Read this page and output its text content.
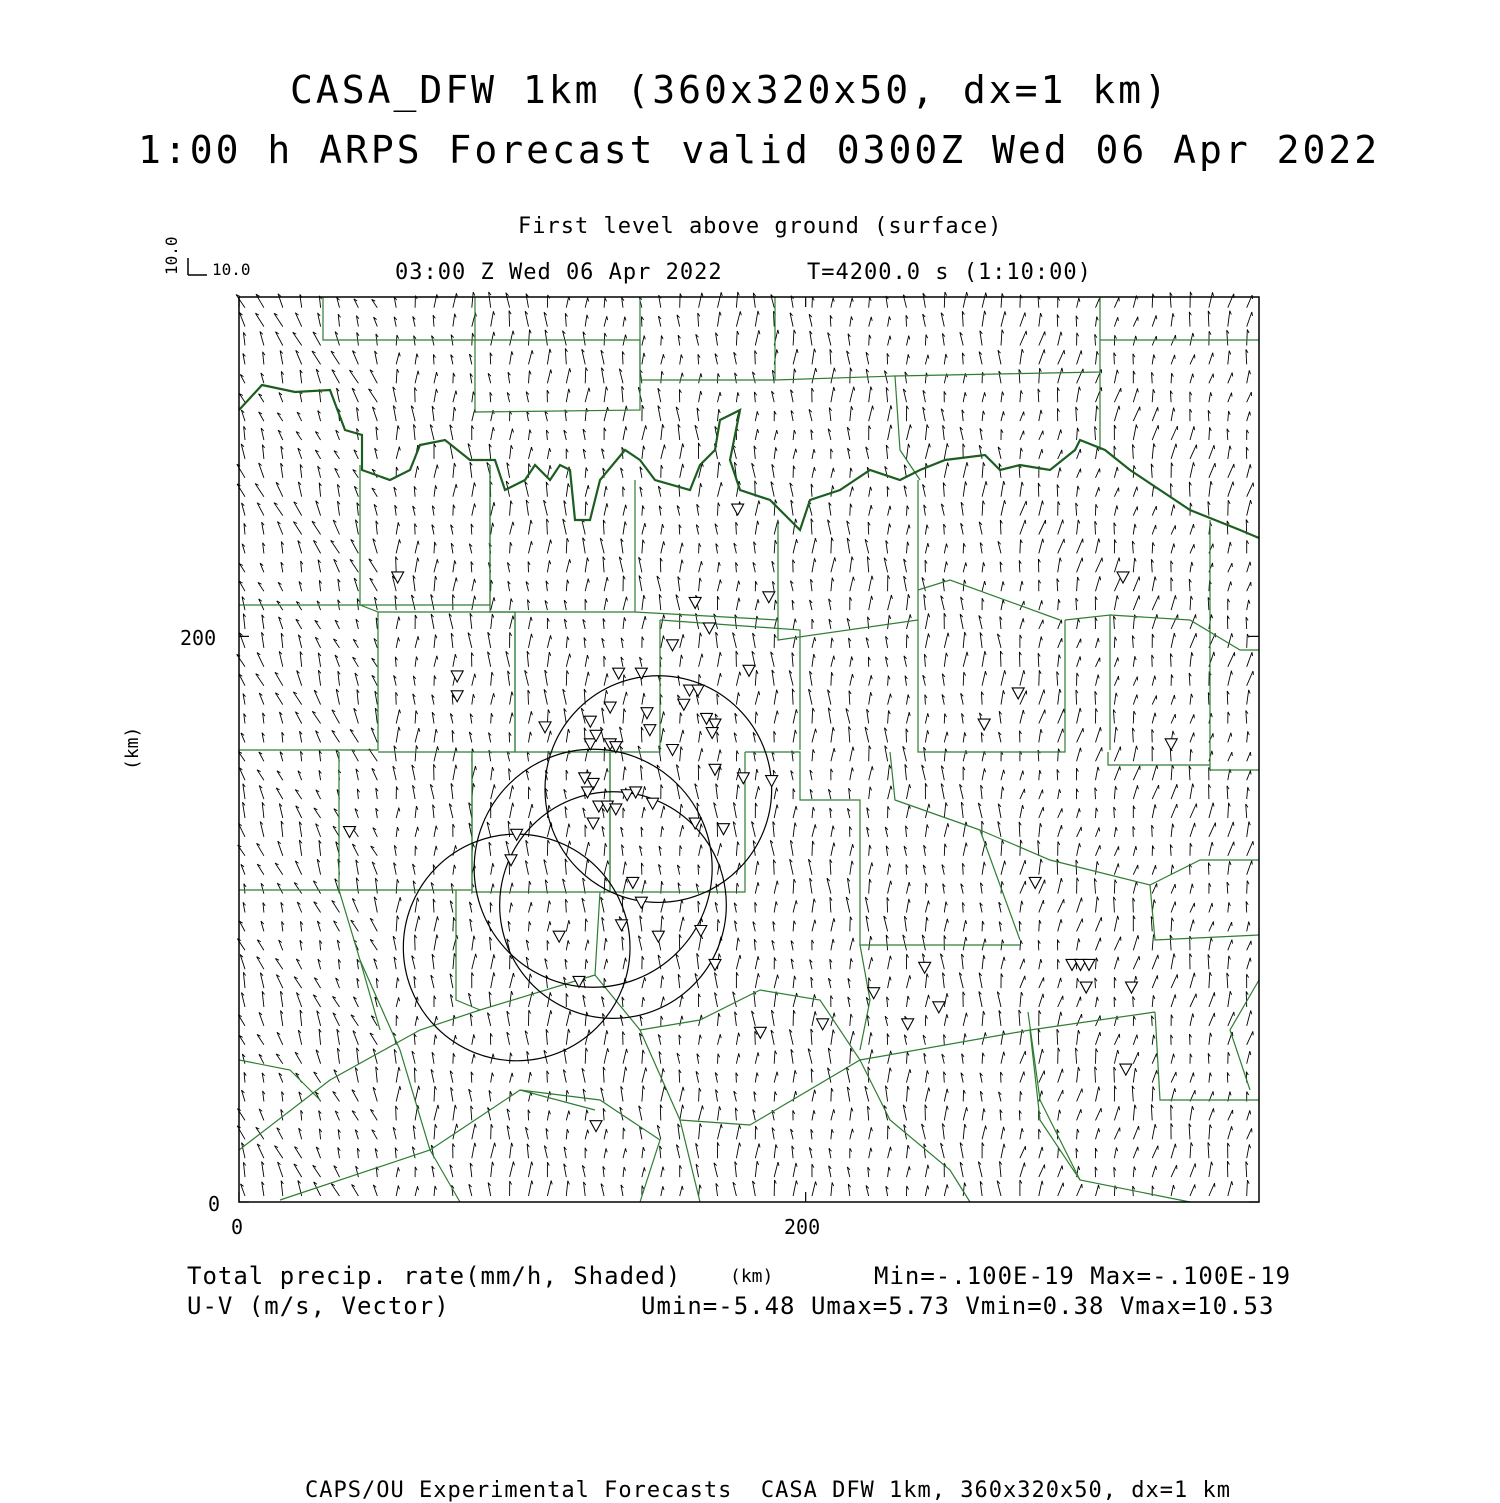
CASA_DFW 1km (360x320x50, dx=1 km)
1:00 h ARPS Forecast valid 0300Z Wed 06 Apr 2022
First level above ground (surface)
03:00 Z Wed 06 Apr 2022	T=4200.0 s (1:10:00)
10.0
10.0
0	200
0
200
(km)
(km)
Total precip. rate(mm/h, Shaded)
U-V (m/s, Vector)
Min=-.100E-19 Max=-.100E-19
Umin=-5.48 Umax=5.73 Vmin=0.38 Vmax=10.53
CAPS/OU Experimental Forecasts  CASA DFW 1km, 360x320x50, dx=1 km
